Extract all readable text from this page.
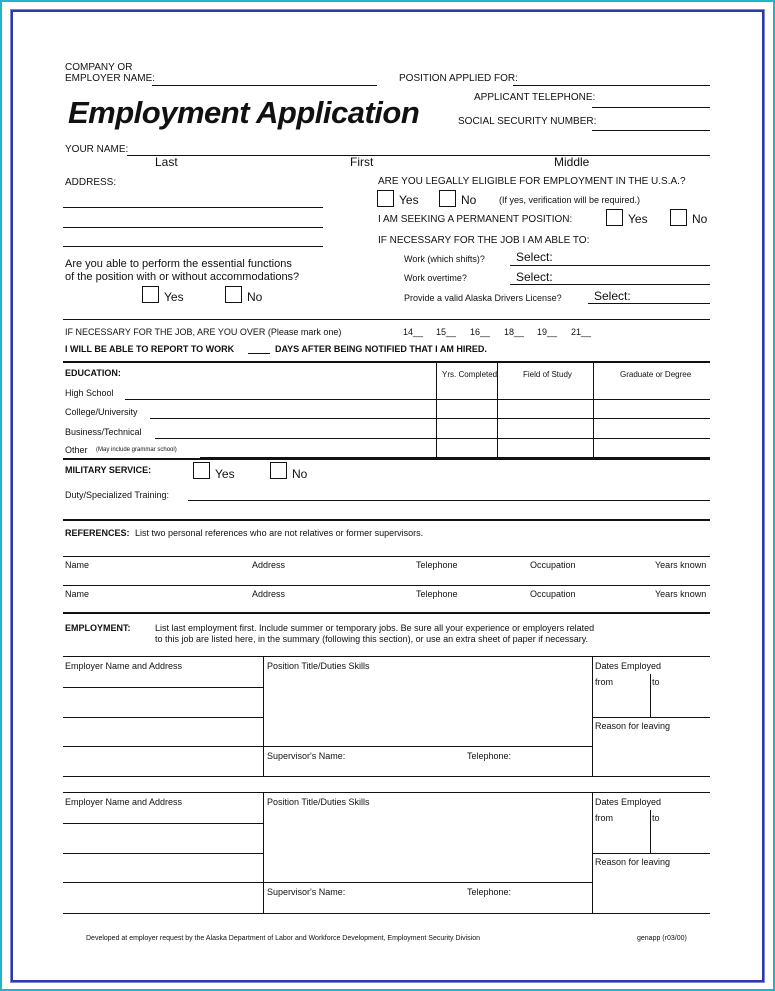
COMPANY OR
EMPLOYER NAME:	POSITION APPLIED FOR:
Employment Application	APPLICANT TELEPHONE:
SOCIAL SECURITY NUMBER:
YOUR NAME:
Last	First	Middle
ADDRESS:	ARE YOU LEGALLY ELIGIBLE FOR EMPLOYMENT IN THE U.S.A.?
Yes	No	(If yes, verification will be required.)
I AM SEEKING A PERMANENT POSITION:	Yes	No
IF NECESSARY FOR THE JOB I AM ABLE TO:
Work (which shifts)?	Select:
Work overtime?	Select:
Provide a valid Alaska Drivers License?	Select:
Are you able to perform the essential functions
of the position with or without accommodations?
Yes	No
IF NECESSARY FOR THE JOB, ARE YOU OVER (Please mark one)	14__ 15__ 16__ 18__ 19__ 21__
I WILL BE ABLE TO REPORT TO WORK	DAYS AFTER BEING NOTIFIED THAT I AM HIRED.
EDUCATION:	Yrs. Completed	Field of Study	Graduate or Degree
High School
College/University
Business/Technical
Other (May include grammar school)
MILITARY SERVICE:	Yes	No
Duty/Specialized Training:
REFERENCES: List two personal references who are not relatives or former supervisors.
Name	Address	Telephone	Occupation	Years known
Name	Address	Telephone	Occupation	Years known
EMPLOYMENT:	List last employment first. Include summer or temporary jobs. Be sure all your experience or employers related
to this job are listed here, in the summary (following this section), or use an extra sheet of paper if necessary.
Employer Name and Address	Position Title/Duties Skills	Dates Employed
from	to
Reason for leaving
Supervisor's Name:	Telephone:
Employer Name and Address	Position Title/Duties Skills	Dates Employed
from	to
Reason for leaving
Supervisor's Name:	Telephone:
Developed at employer request by the Alaska Department of Labor and Workforce Development, Employment Security Division	genapp (r03/00)
